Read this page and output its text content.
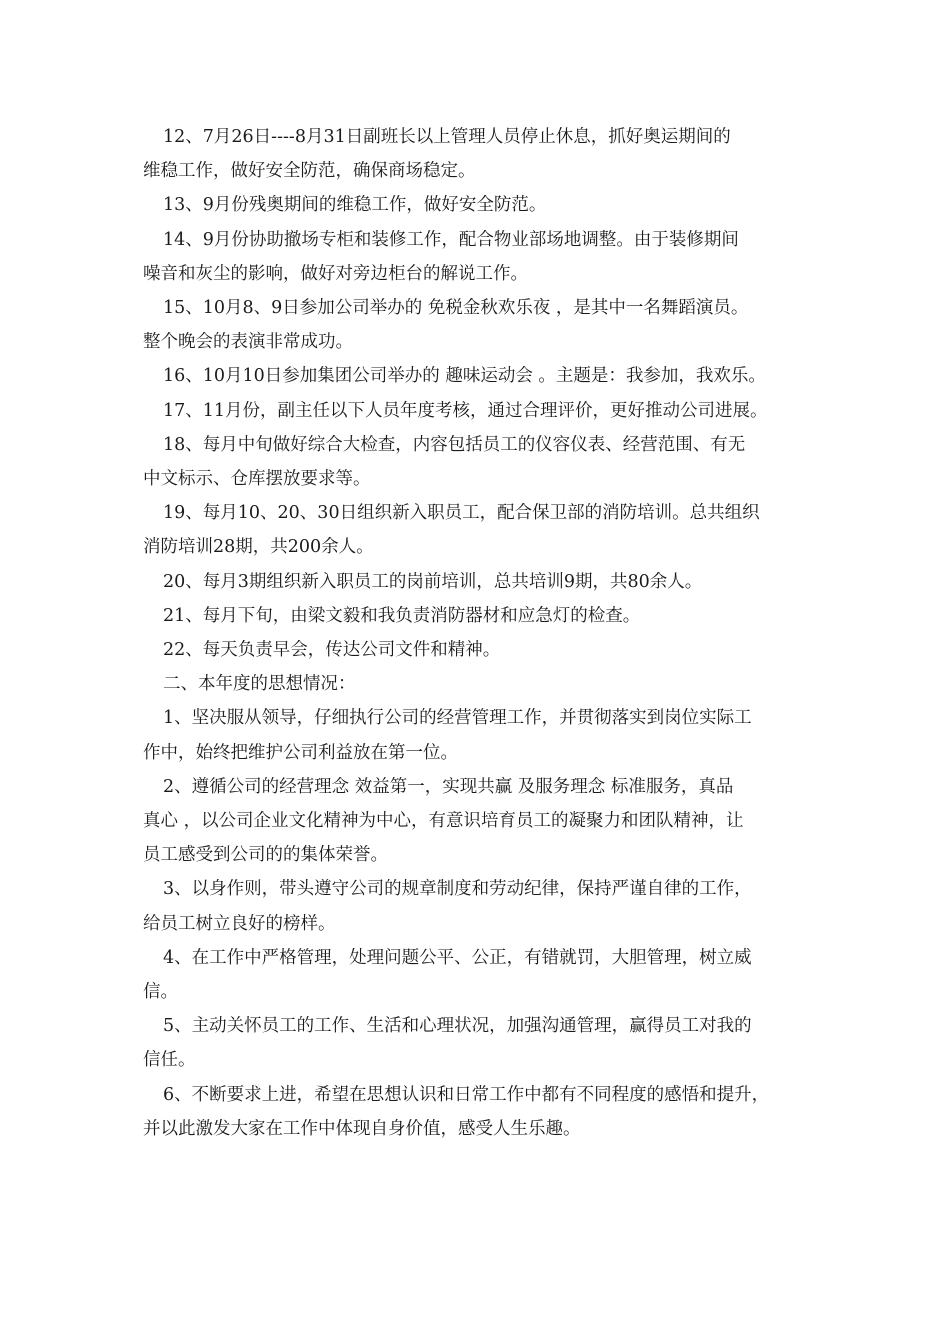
12、7月26日----8月31日副班长以上管理人员停止休息，抓好奥运期间的
维稳工作，做好安全防范，确保商场稳定。

13、9月份残奥期间的维稳工作，做好安全防范。

14、9月份协助撤场专柜和装修工作，配合物业部场地调整。由于装修期间
噪音和灰尘的影响，做好对旁边柜台的解说工作。

15、10月8、9日参加公司举办的 免税金秋欢乐夜 ，是其中一名舞蹈演员。
整个晚会的表演非常成功。

16、10月10日参加集团公司举办的 趣味运动会 。主题是：我参加，我欢乐。

17、11月份，副主任以下人员年度考核，通过合理评价，更好推动公司进展。

18、每月中旬做好综合大检查，内容包括员工的仪容仪表、经营范围、有无
中文标示、仓库摆放要求等。

19、每月10、20、30日组织新入职员工，配合保卫部的消防培训。总共组织
消防培训28期，共200余人。

20、每月3期组织新入职员工的岗前培训，总共培训9期，共80余人。

21、每月下旬，由梁文毅和我负责消防器材和应急灯的检查。

22、每天负责早会，传达公司文件和精神。

二、本年度的思想情况：

1、坚决服从领导，仔细执行公司的经营管理工作，并贯彻落实到岗位实际工
作中，始终把维护公司利益放在第一位。

2、遵循公司的经营理念 效益第一，实现共赢 及服务理念 标准服务，真品
真心 ，以公司企业文化精神为中心，有意识培育员工的凝聚力和团队精神，让
员工感受到公司的的集体荣誉。

3、以身作则，带头遵守公司的规章制度和劳动纪律，保持严谨自律的工作，
给员工树立良好的榜样。

4、在工作中严格管理，处理问题公平、公正，有错就罚，大胆管理，树立威
信。

5、主动关怀员工的工作、生活和心理状况，加强沟通管理，赢得员工对我的
信任。

6、不断要求上进，希望在思想认识和日常工作中都有不同程度的感悟和提升，
并以此激发大家在工作中体现自身价值，感受人生乐趣。
